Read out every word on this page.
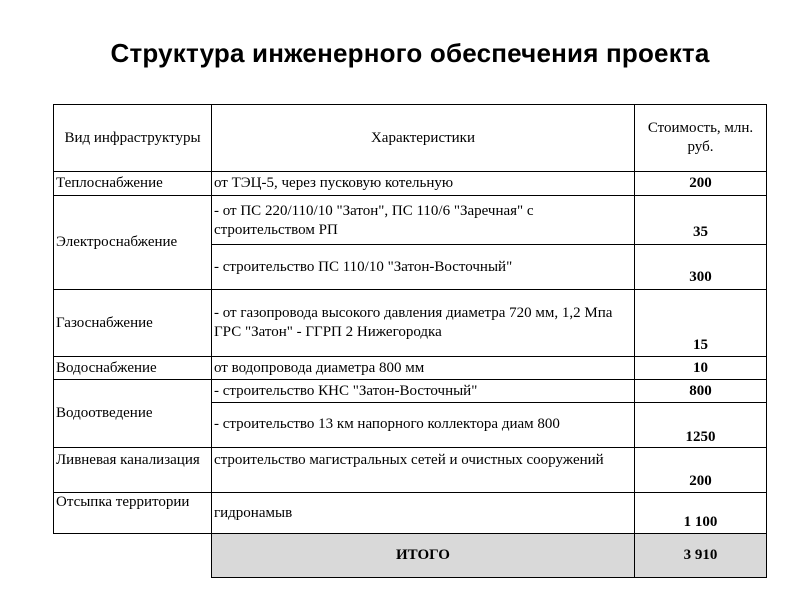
Структура инженерного обеспечения проекта
Вид инфраструктуры	Характеристики	Стоимость, млн. руб.
Теплоснабжение	от ТЭЦ-5, через пусковую котельную	200
Электроснабжение	- от ПС 220/110/10 "Затон", ПС 110/6 "Заречная" с строительством РП	35
	- строительство ПС 110/10 "Затон-Восточный"	300
Газоснабжение	- от газопровода высокого давления диаметра 720 мм, 1,2 Мпа ГРС "Затон" - ГГРП 2 Нижегородка	15
Водоснабжение	от водопровода диаметра 800 мм	10
Водоотведение	- строительство КНС "Затон-Восточный"	800
	- строительство 13 км напорного коллектора диам 800	1250
Ливневая канализация	строительство магистральных сетей и очистных сооружений	200
Отсыпка территории	гидронамыв	1 100
	ИТОГО	3 910
